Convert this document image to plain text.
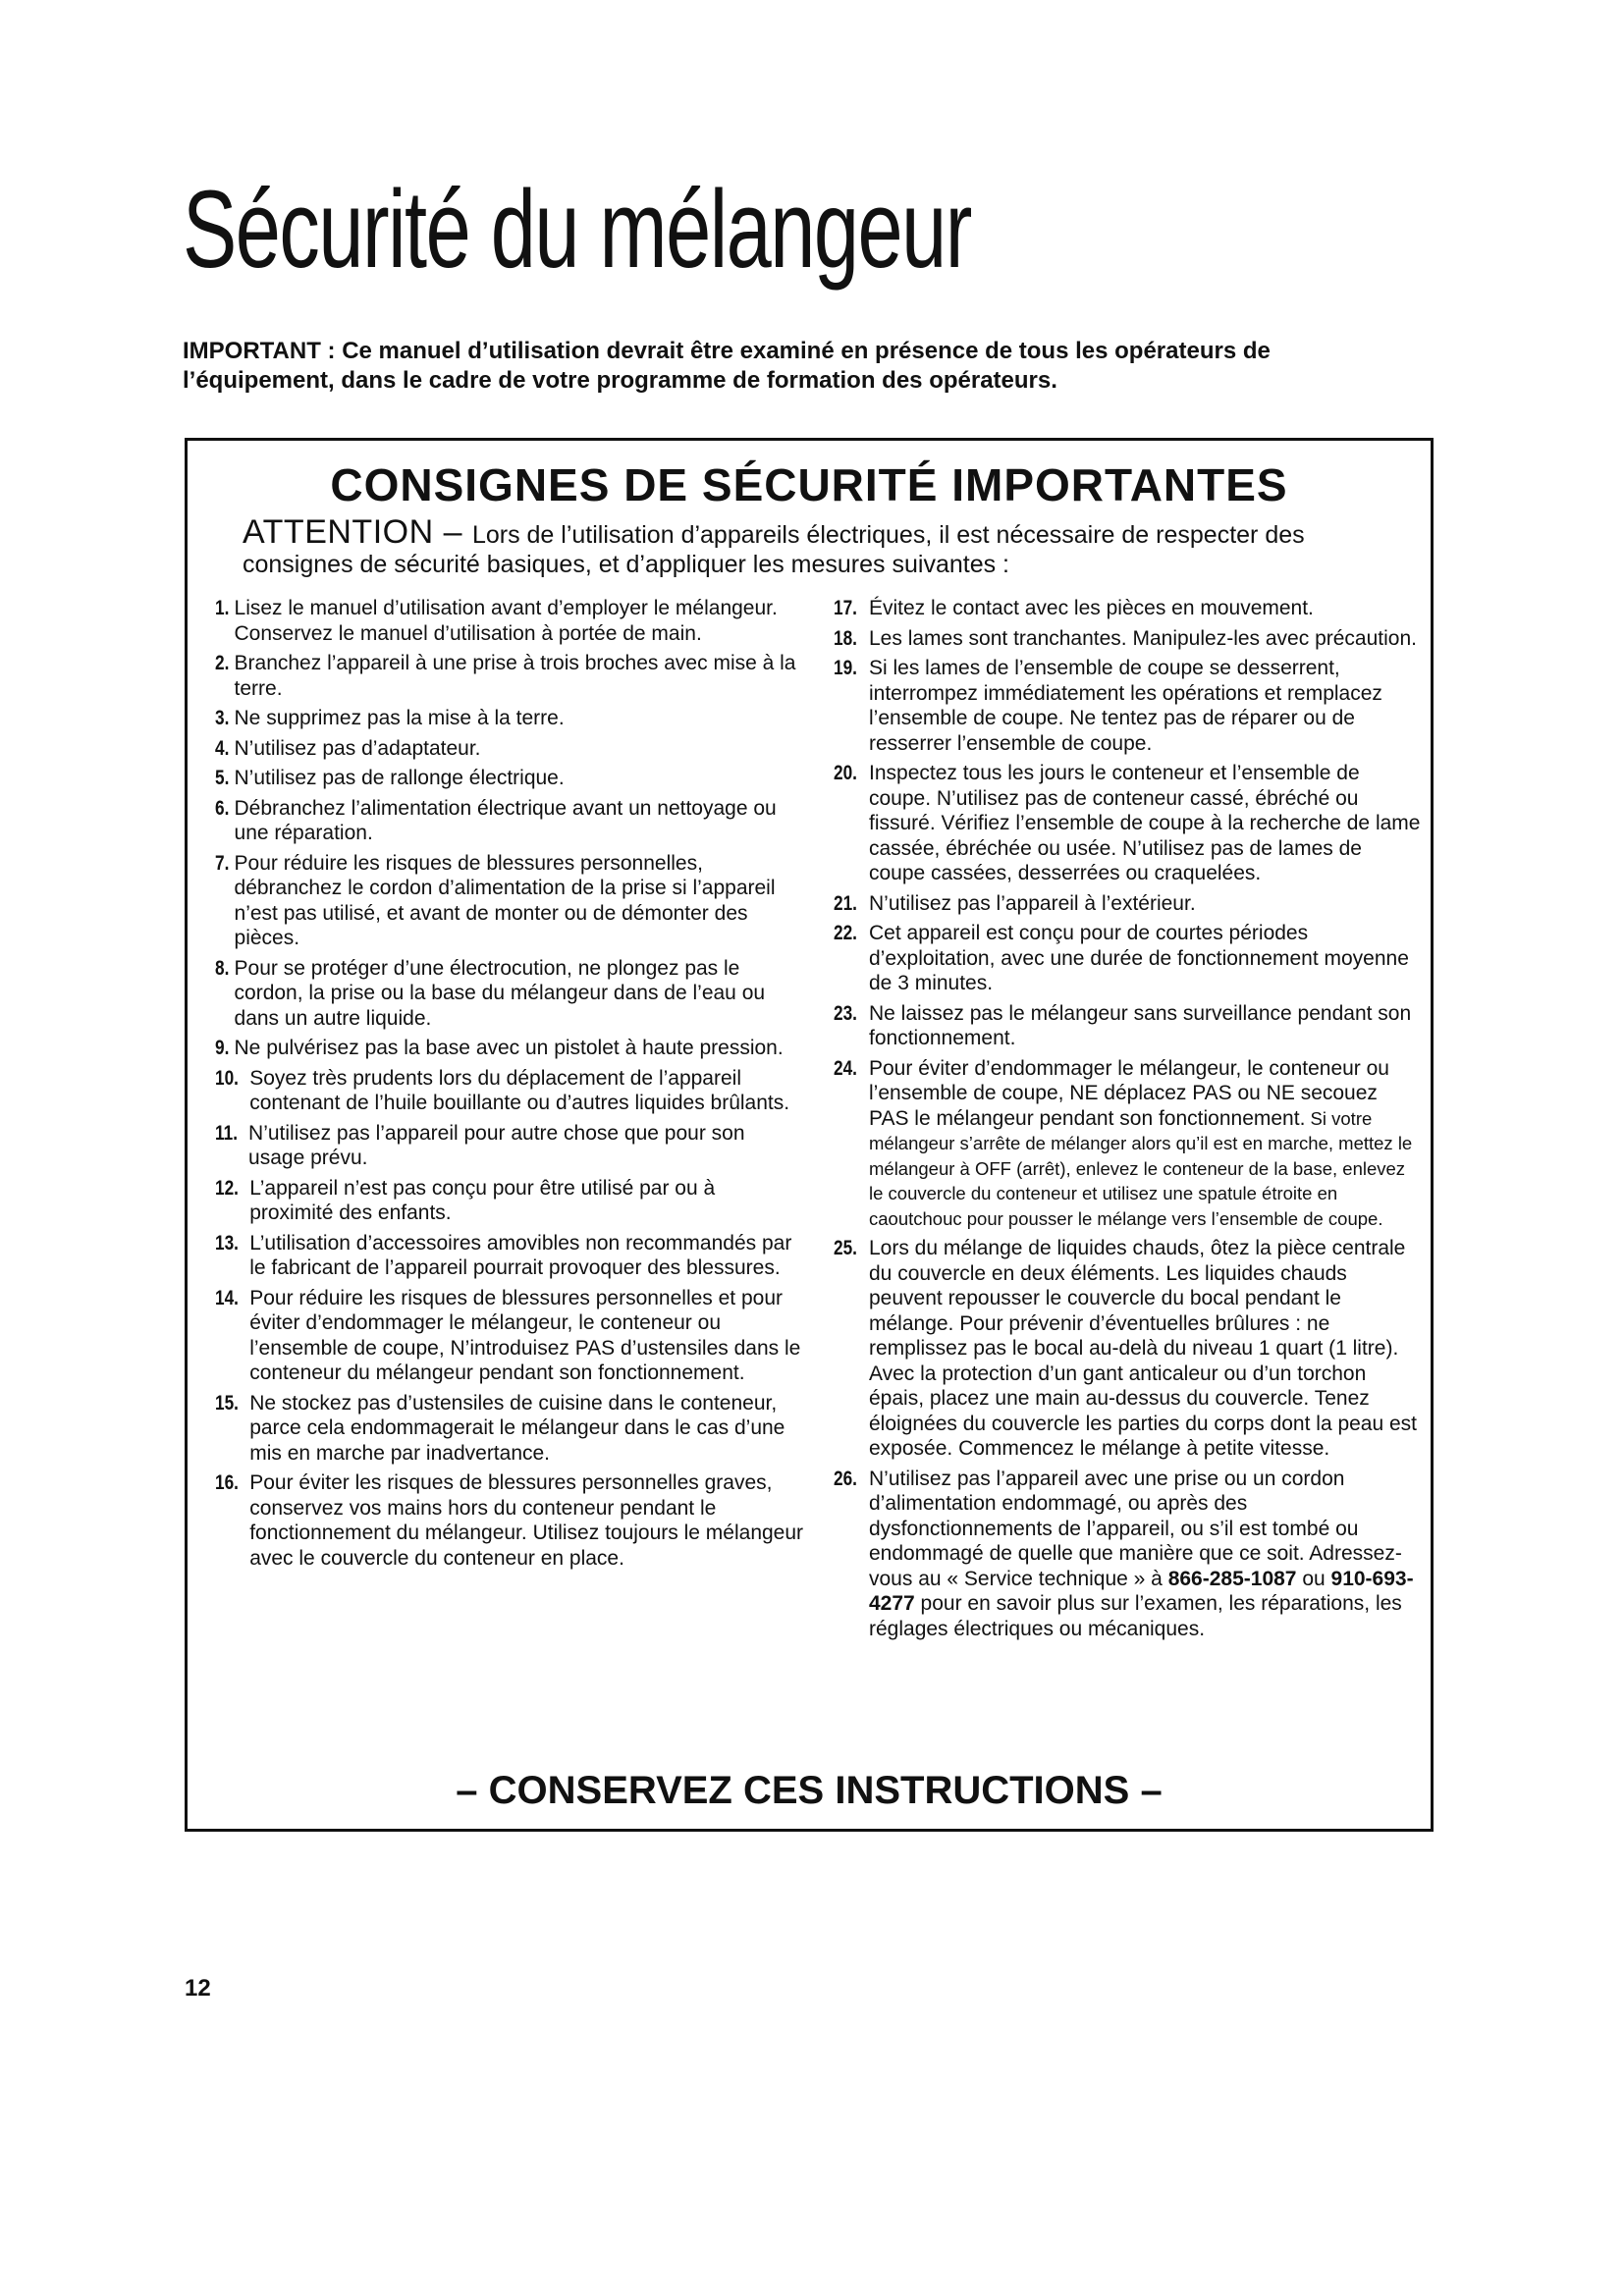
Sécurité du mélangeur

IMPORTANT : Ce manuel d’utilisation devrait être examiné en présence de tous les opérateurs de l’équipement, dans le cadre de votre programme de formation des opérateurs.

CONSIGNES DE SÉCURITÉ IMPORTANTES

ATTENTION – Lors de l’utilisation d’appareils électriques, il est nécessaire de respecter des consignes de sécurité basiques, et d’appliquer les mesures suivantes :

1. Lisez le manuel d’utilisation avant d’employer le mélangeur. Conservez le manuel d’utilisation à portée de main.
2. Branchez l’appareil à une prise à trois broches avec mise à la terre.
3. Ne supprimez pas la mise à la terre.
4. N’utilisez pas d’adaptateur.
5. N’utilisez pas de rallonge électrique.
6. Débranchez l’alimentation électrique avant un nettoyage ou une réparation.
7. Pour réduire les risques de blessures personnelles, débranchez le cordon d’alimentation de la prise si l’appareil n’est pas utilisé, et avant de monter ou de démonter des pièces.
8. Pour se protéger d’une électrocution, ne plongez pas le cordon, la prise ou la base du mélangeur dans de l’eau ou dans un autre liquide.
9. Ne pulvérisez pas la base avec un pistolet à haute pression.
10. Soyez très prudents lors du déplacement de l’appareil contenant de l’huile bouillante ou d’autres liquides brûlants.
11. N’utilisez pas l’appareil pour autre chose que pour son usage prévu.
12. L’appareil n’est pas conçu pour être utilisé par ou à proximité des enfants.
13. L’utilisation d’accessoires amovibles non recommandés par le fabricant de l’appareil pourrait provoquer des blessures.
14. Pour réduire les risques de blessures personnelles et pour éviter d’endommager le mélangeur, le conteneur ou l’ensemble de coupe, N’introduisez PAS d’ustensiles dans le conteneur du mélangeur pendant son fonctionnement.
15. Ne stockez pas d’ustensiles de cuisine dans le conteneur, parce cela endommagerait le mélangeur dans le cas d’une mis en marche par inadvertance.
16. Pour éviter les risques de blessures personnelles graves, conservez vos mains hors du conteneur pendant le fonctionnement du mélangeur. Utilisez toujours le mélangeur avec le couvercle du conteneur en place.
17. Évitez le contact avec les pièces en mouvement.
18. Les lames sont tranchantes. Manipulez-les avec précaution.
19. Si les lames de l’ensemble de coupe se desserrent, interrompez immédiatement les opérations et remplacez l’ensemble de coupe. Ne tentez pas de réparer ou de resserrer l’ensemble de coupe.
20. Inspectez tous les jours le conteneur et l’ensemble de coupe. N’utilisez pas de conteneur cassé, ébréché ou fissuré. Vérifiez l’ensemble de coupe à la recherche de lame cassée, ébréchée ou usée. N’utilisez pas de lames de coupe cassées, desserrées ou craquelées.
21. N’utilisez pas l’appareil à l’extérieur.
22. Cet appareil est conçu pour de courtes périodes d’exploitation, avec une durée de fonctionnement moyenne de 3 minutes.
23. Ne laissez pas le mélangeur sans surveillance pendant son fonctionnement.
24. Pour éviter d’endommager le mélangeur, le conteneur ou l’ensemble de coupe, NE déplacez PAS ou NE secouez PAS le mélangeur pendant son fonctionnement. Si votre mélangeur s’arrête de mélanger alors qu’il est en marche, mettez le mélangeur à OFF (arrêt), enlevez le conteneur de la base, enlevez le couvercle du conteneur et utilisez une spatule étroite en caoutchouc pour pousser le mélange vers l’ensemble de coupe.
25. Lors du mélange de liquides chauds, ôtez la pièce centrale du couvercle en deux éléments. Les liquides chauds peuvent repousser le couvercle du bocal pendant le mélange. Pour prévenir d’éventuelles brûlures : ne remplissez pas le bocal au-delà du niveau 1 quart (1 litre). Avec la protection d’un gant anticaleur ou d’un torchon épais, placez une main au-dessus du couvercle. Tenez éloignées du couvercle les parties du corps dont la peau est exposée. Commencez le mélange à petite vitesse.
26. N’utilisez pas l’appareil avec une prise ou un cordon d’alimentation endommagé, ou après des dysfonctionnements de l’appareil, ou s’il est tombé ou endommagé de quelle que manière que ce soit. Adressez-vous au « Service technique » à 866-285-1087 ou 910-693-4277 pour en savoir plus sur l’examen, les réparations, les réglages électriques ou mécaniques.

– CONSERVEZ CES INSTRUCTIONS –

12
